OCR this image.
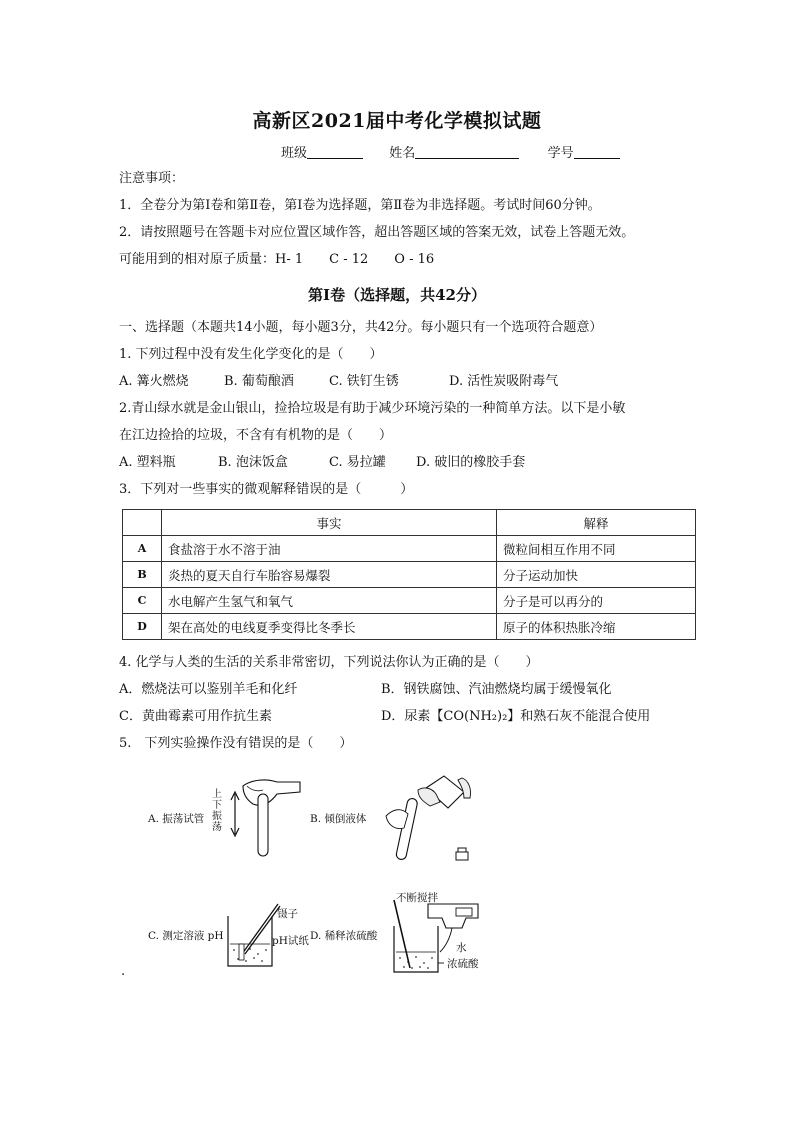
高新区2021届中考化学模拟试题
班级	姓名	学号
注意事项：
1．全卷分为第Ⅰ卷和第Ⅱ卷，第Ⅰ卷为选择题，第Ⅱ卷为非选择题。考试时间60分钟。
2．请按照题号在答题卡对应位置区域作答，超出答题区域的答案无效，试卷上答题无效。
可能用到的相对原子质量：H- 1　　C - 12　　O - 16
第Ⅰ卷（选择题，共42分）
一、选择题（本题共14小题，每小题3分，共42分。每小题只有一个选项符合题意）
1. 下列过程中没有发生化学变化的是（　　）
A. 篝火燃烧	B. 葡萄酿酒	C. 铁钉生锈	D. 活性炭吸附毒气
2.青山绿水就是金山银山，捡拾垃圾是有助于减少环境污染的一种简单方法。以下是小敏
在江边捡拾的垃圾，不含有有机物的是（　　）
A. 塑料瓶	B. 泡沫饭盒	C. 易拉罐 D. 破旧的橡胶手套
3．下列对一些事实的微观解释错误的是（　　　）
	事实	解释
A	食盐溶于水不溶于油	微粒间相互作用不同
B	炎热的夏天自行车胎容易爆裂	分子运动加快
C	水电解产生氢气和氧气	分子是可以再分的
D	架在高处的电线夏季变得比冬季长	原子的体积热胀冷缩
4. 化学与人类的生活的关系非常密切，下列说法你认为正确的是（　　）
A．燃烧法可以鉴别羊毛和化纤	B．钢铁腐蚀、汽油燃烧均属于缓慢氧化
C．黄曲霉素可用作抗生素	D．尿素【CO(NH₂)₂】和熟石灰不能混合使用
5.　下列实验操作没有错误的是（　　）
A. 振荡试管
上下振荡
B. 倾倒液体
C. 测定溶液 pH
镊子
pH试纸 D. 稀释浓硫酸
不断搅拌
水
浓硫酸
.
